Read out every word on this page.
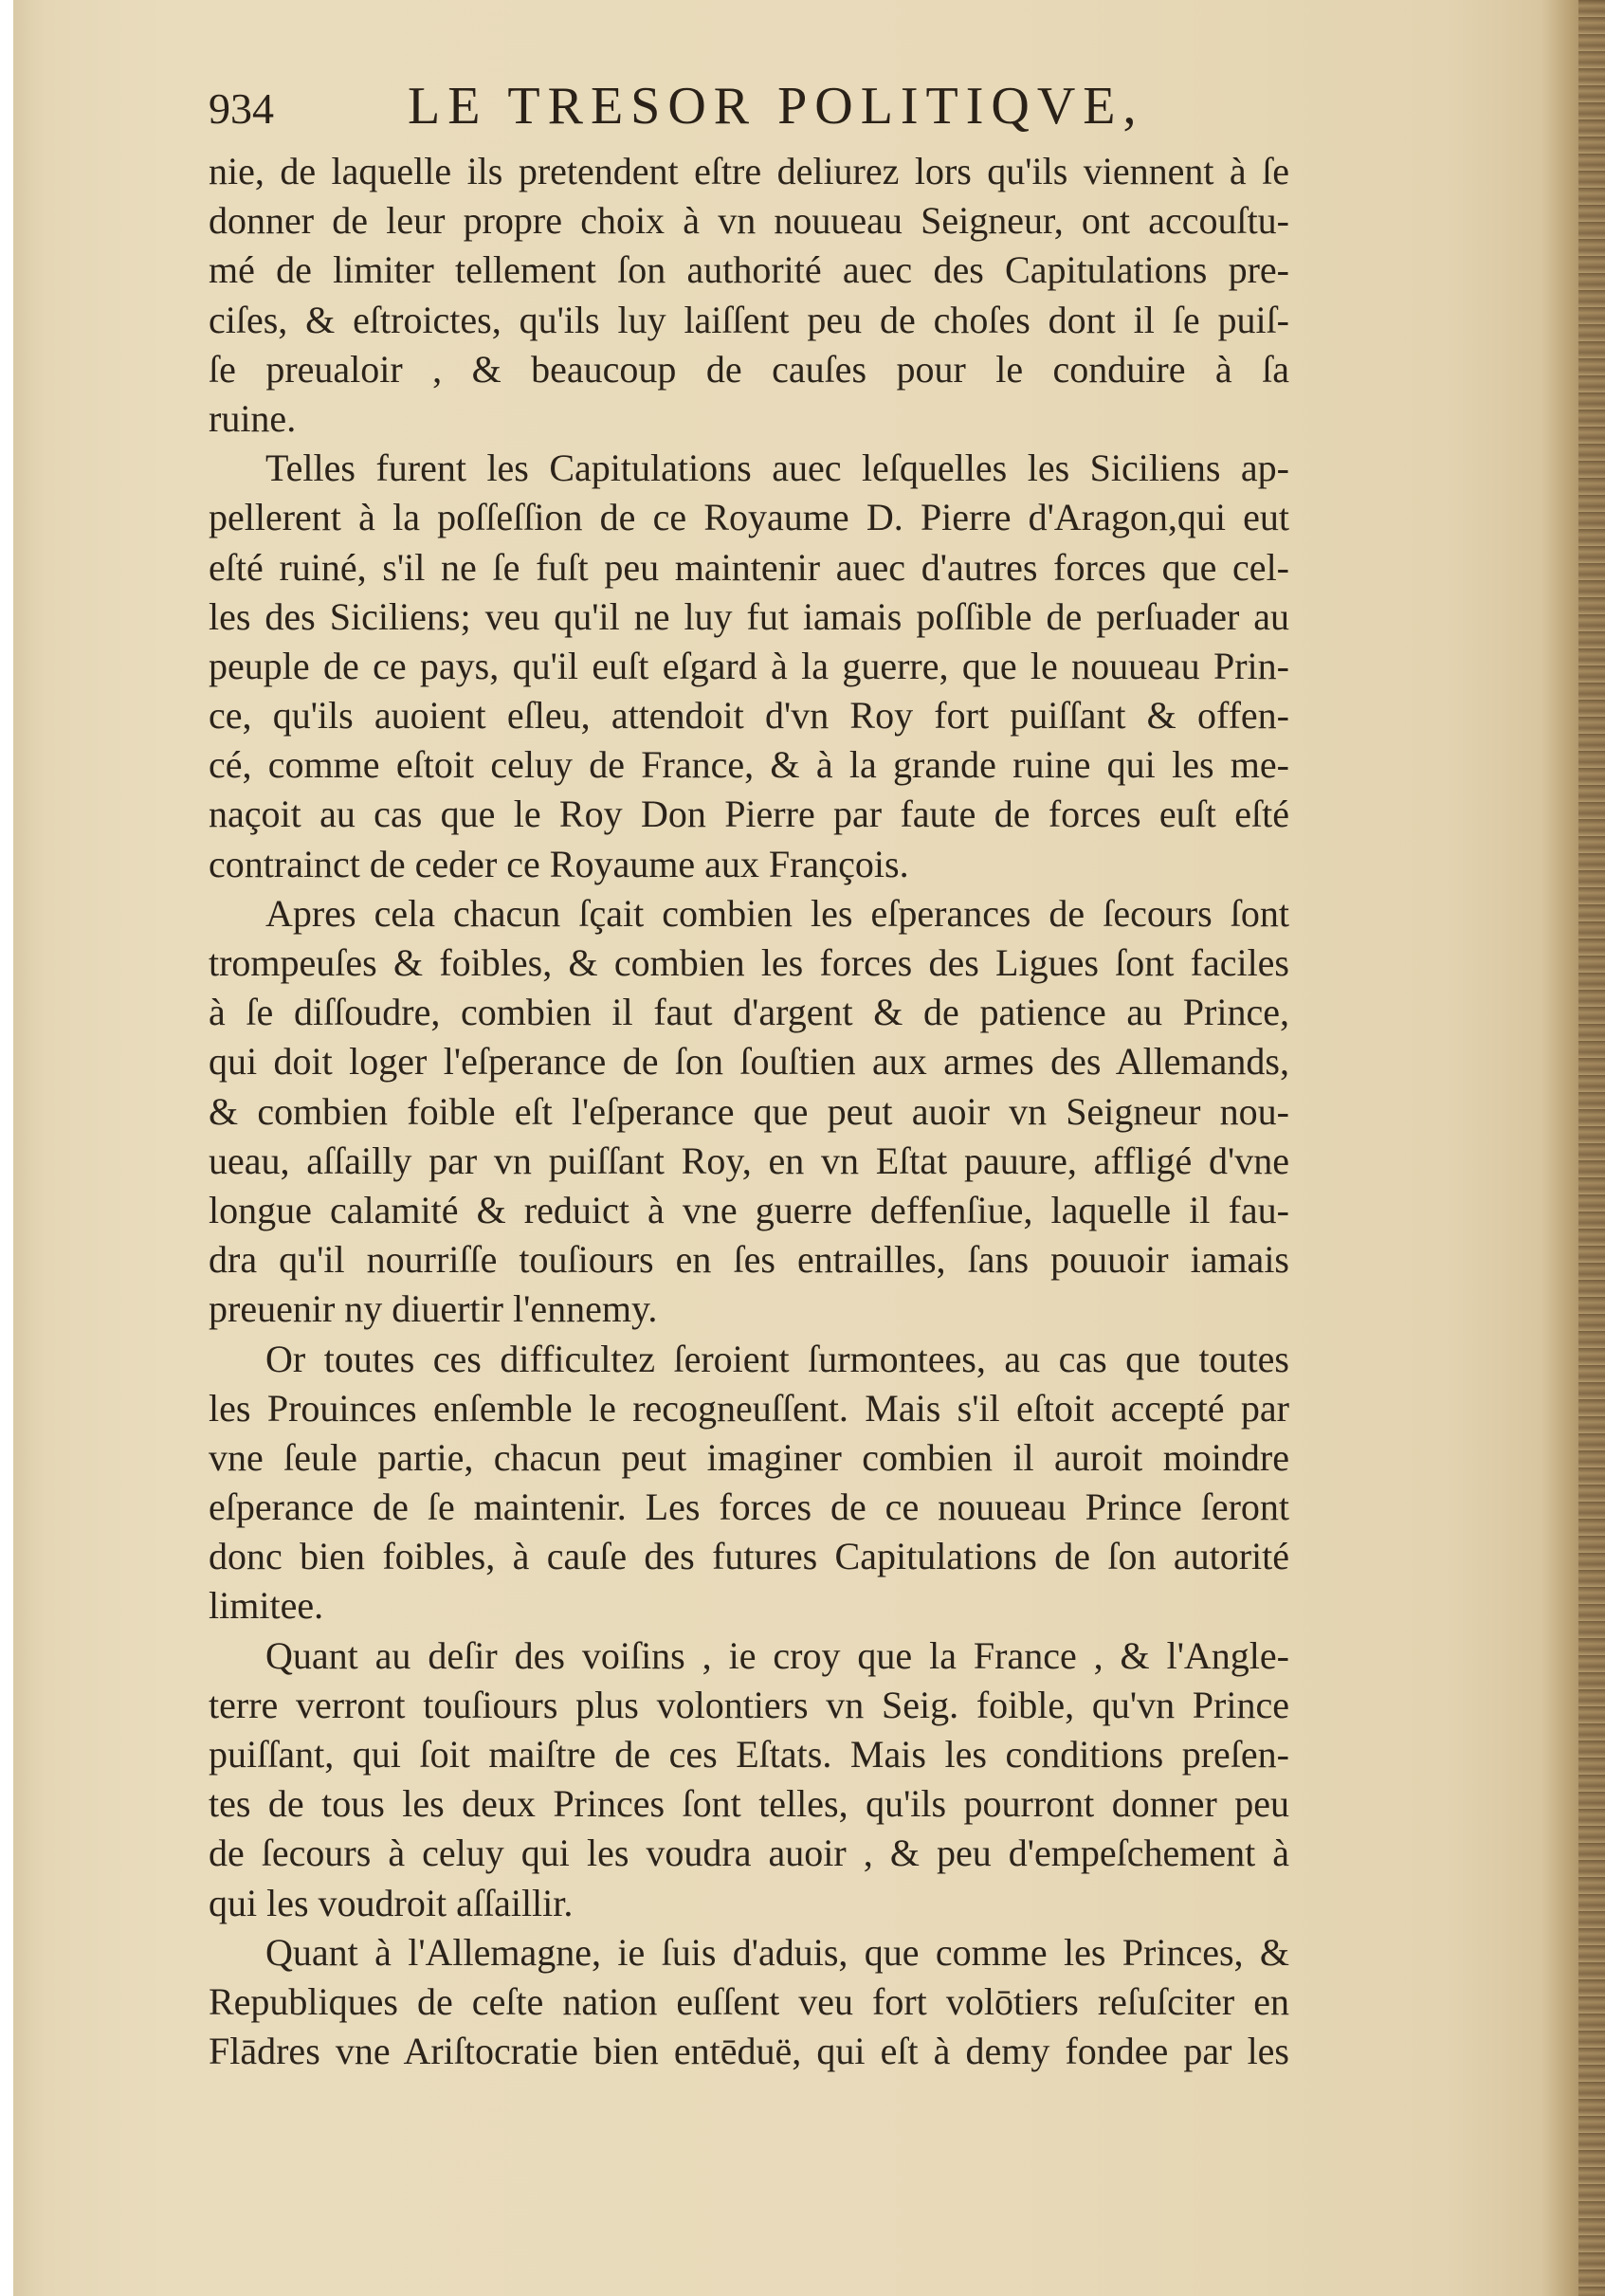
934	LE TRESOR POLITIQVE,
nie, de laquelle ils pretendent eſtre deliurez lors qu'ils viennent à ſe
donner de leur propre choix à vn nouueau Seigneur, ont accouſtu-
mé de limiter tellement ſon authorité auec des Capitulations pre-
ciſes, & eſtroictes, qu'ils luy laiſſent peu de choſes dont il ſe puiſ-
ſe preualoir , & beaucoup de cauſes pour le conduire à ſa
ruine.
Telles furent les Capitulations auec leſquelles les Siciliens ap-
pellerent à la poſſeſſion de ce Royaume D. Pierre d'Aragon,qui eut
eſté ruiné, s'il ne ſe fuſt peu maintenir auec d'autres forces que cel-
les des Siciliens; veu qu'il ne luy fut iamais poſſible de perſuader au
peuple de ce pays, qu'il euſt eſgard à la guerre, que le nouueau Prin-
ce, qu'ils auoient eſleu, attendoit d'vn Roy fort puiſſant & offen-
cé, comme eſtoit celuy de France, & à la grande ruine qui les me-
naçoit au cas que le Roy Don Pierre par faute de forces euſt eſté
contrainct de ceder ce Royaume aux François.
Apres cela chacun ſçait combien les eſperances de ſecours ſont
trompeuſes & foibles, & combien les forces des Ligues ſont faciles
à ſe diſſoudre, combien il faut d'argent & de patience au Prince,
qui doit loger l'eſperance de ſon ſouſtien aux armes des Allemands,
& combien foible eſt l'eſperance que peut auoir vn Seigneur nou-
ueau, aſſailly par vn puiſſant Roy, en vn Eſtat pauure, affligé d'vne
longue calamité & reduict à vne guerre deffenſiue, laquelle il fau-
dra qu'il nourriſſe touſiours en ſes entrailles, ſans pouuoir iamais
preuenir ny diuertir l'ennemy.
Or toutes ces difficultez ſeroient ſurmontees, au cas que toutes
les Prouinces enſemble le recogneuſſent. Mais s'il eſtoit accepté par
vne ſeule partie, chacun peut imaginer combien il auroit moindre
eſperance de ſe maintenir. Les forces de ce nouueau Prince ſeront
donc bien foibles, à cauſe des futures Capitulations de ſon autorité
limitee.
Quant au deſir des voiſins , ie croy que la France , & l'Angle-
terre verront touſiours plus volontiers vn Seig. foible, qu'vn Prince
puiſſant, qui ſoit maiſtre de ces Eſtats. Mais les conditions preſen-
tes de tous les deux Princes ſont telles, qu'ils pourront donner peu
de ſecours à celuy qui les voudra auoir , & peu d'empeſchement à
qui les voudroit aſſaillir.
Quant à l'Allemagne, ie ſuis d'aduis, que comme les Princes, &
Republiques de ceſte nation euſſent veu fort volōtiers reſuſciter en
Flādres vne Ariſtocratie bien entēduë, qui eſt à demy fondee par les
